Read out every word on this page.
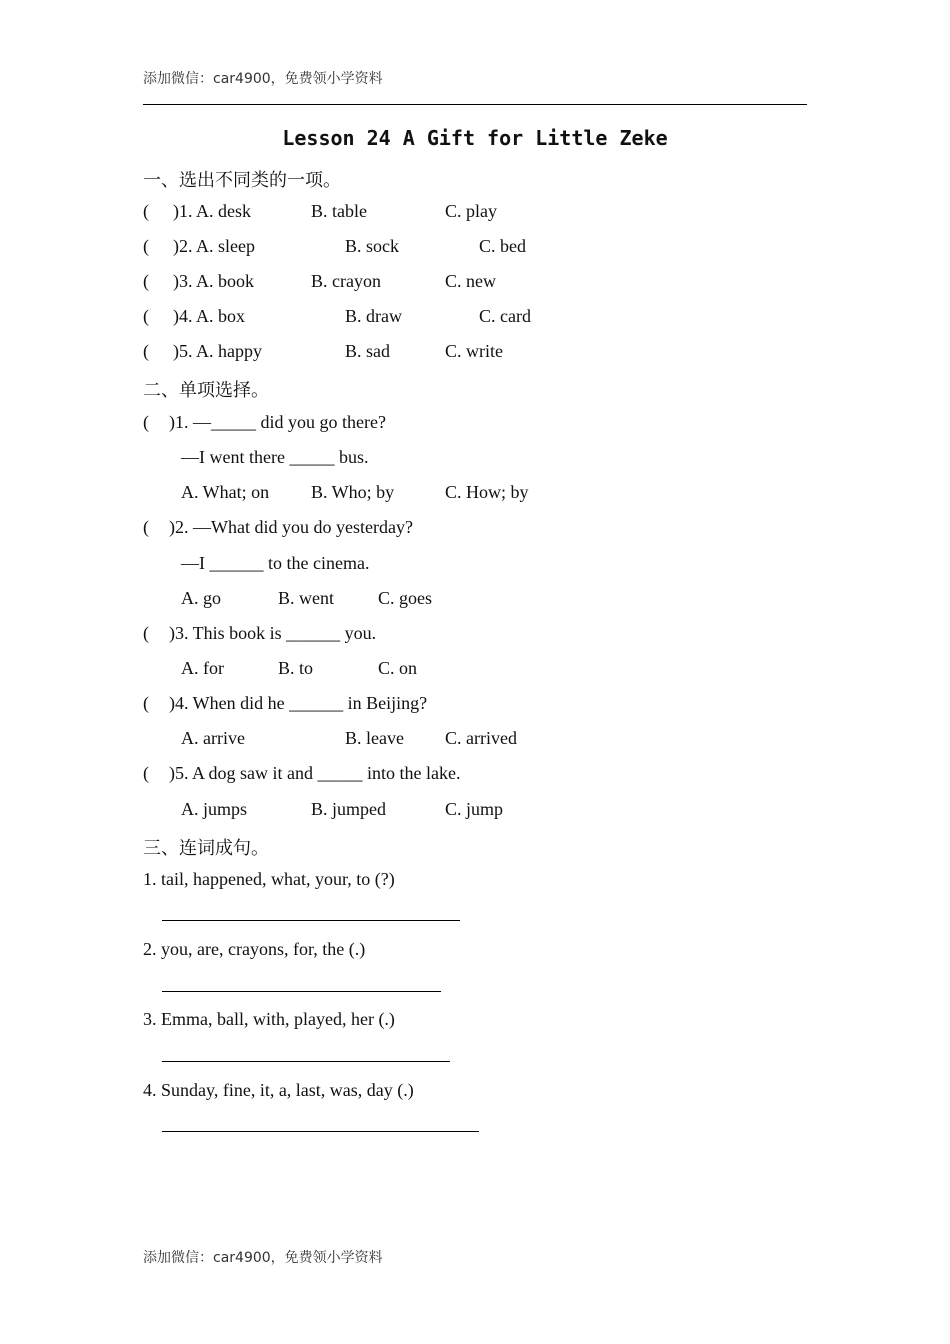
添加微信：car4900，免费领小学资料
Lesson 24 A Gift for Little Zeke
一、选出不同类的一项。
( )1. A. desk	B. table	C. play
( )2. A. sleep	B. sock	C. bed
( )3. A. book	B. crayon	C. new
( )4. A. box	B. draw	C. card
( )5. A. happy	B. sad	C. write
二、单项选择。
( )1. —_____ did you go there?
—I went there _____ bus.
A. What; on B. Who; by	C. How; by
( )2. —What did you do yesterday?
—I ______ to the cinema.
A. go	B. went C. goes
( )3. This book is ______ you.
A. for	B. to	C. on
( )4. When did he ______ in Beijing?
A. arrive	B. leave C. arrived
( )5. A dog saw it and _____ into the lake.
A. jumps	B. jumped	C. jump
三、连词成句。
1. tail, happened, what, your, to (?)
2. you, are, crayons, for, the (.)
3. Emma, ball, with, played, her (.)
4. Sunday, fine, it, a, last, was, day (.)
添加微信：car4900，免费领小学资料
